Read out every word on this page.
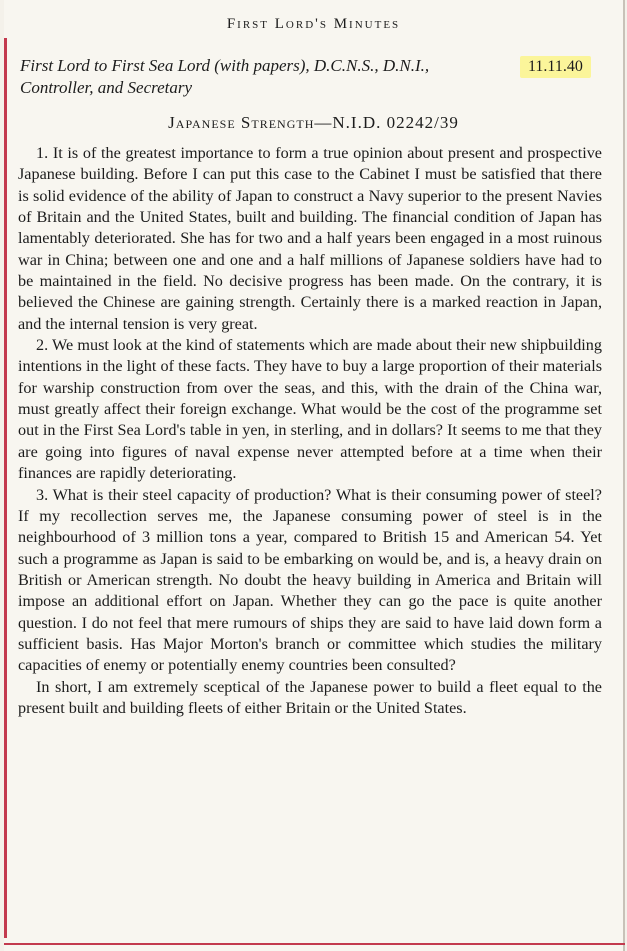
First Lord's Minutes
First Lord to First Sea Lord (with papers), D.C.N.S., D.N.I., Controller, and Secretary
11.11.40
Japanese Strength—N.I.D. 02242/39

1. It is of the greatest importance to form a true opinion about present and prospective Japanese building. Before I can put this case to the Cabinet I must be satisfied that there is solid evidence of the ability of Japan to construct a Navy superior to the present Navies of Britain and the United States, built and building. The financial condition of Japan has lamentably deteriorated. She has for two and a half years been engaged in a most ruinous war in China; between one and one and a half millions of Japanese soldiers have had to be maintained in the field. No decisive progress has been made. On the contrary, it is believed the Chinese are gaining strength. Certainly there is a marked reaction in Japan, and the internal tension is very great.

2. We must look at the kind of statements which are made about their new shipbuilding intentions in the light of these facts. They have to buy a large proportion of their materials for warship construction from over the seas, and this, with the drain of the China war, must greatly affect their foreign exchange. What would be the cost of the programme set out in the First Sea Lord's table in yen, in sterling, and in dollars? It seems to me that they are going into figures of naval expense never attempted before at a time when their finances are rapidly deteriorating.

3. What is their steel capacity of production? What is their consuming power of steel? If my recollection serves me, the Japanese consuming power of steel is in the neighbourhood of 3 million tons a year, compared to British 15 and American 54. Yet such a programme as Japan is said to be embarking on would be, and is, a heavy drain on British or American strength. No doubt the heavy building in America and Britain will impose an additional effort on Japan. Whether they can go the pace is quite another question. I do not feel that mere rumours of ships they are said to have laid down form a sufficient basis. Has Major Morton's branch or committee which studies the military capacities of enemy or potentially enemy countries been consulted?

In short, I am extremely sceptical of the Japanese power to build a fleet equal to the present built and building fleets of either Britain or the United States.
